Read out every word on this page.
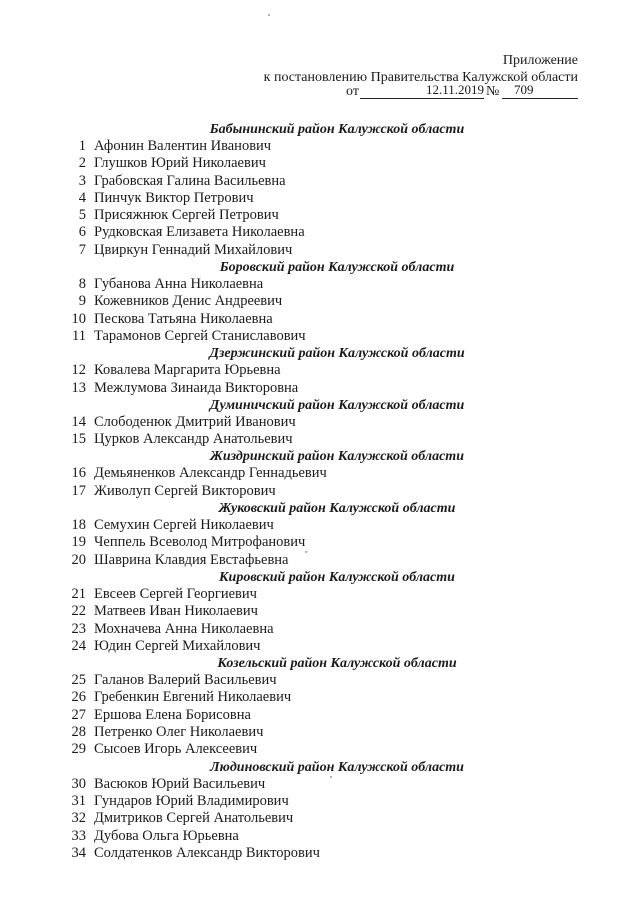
Приложение
к постановлению Правительства Калужской области
от	12.11.2019 № 709
Бабынинский район Калужской области
1 Афонин Валентин Иванович
2 Глушков Юрий Николаевич
3 Грабовская Галина Васильевна
4 Пинчук Виктор Петрович
5 Присяжнюк Сергей Петрович
6 Рудковская Елизавета Николаевна
7 Цвиркун Геннадий Михайлович
Боровский район Калужской области
8 Губанова Анна Николаевна
9 Кожевников Денис Андреевич
10 Пескова Татьяна Николаевна
11 Тарамонов Сергей Станиславович
Дзержинский район Калужской области
12 Ковалева Маргарита Юрьевна
13 Межлумова Зинаида Викторовна
Думиничский район Калужской области
14 Слободенюк Дмитрий Иванович
15 Цурков Александр Анатольевич
Жиздринский район Калужской области
16 Демьяненков Александр Геннадьевич
17 Живолуп Сергей Викторович
Жуковский район Калужской области
18 Семухин Сергей Николаевич
19 Чеппель Всеволод Митрофанович
20 Шаврина Клавдия Евстафьевна
Кировский район Калужской области
21 Евсеев Сергей Георгиевич
22 Матвеев Иван Николаевич
23 Мохначева Анна Николаевна
24 Юдин Сергей Михайлович
Козельский район Калужской области
25 Галанов Валерий Васильевич
26 Гребенкин Евгений Николаевич
27 Ершова Елена Борисовна
28 Петренко Олег Николаевич
29 Сысоев Игорь Алексеевич
Людиновский район Калужской области
30 Васюков Юрий Васильевич
31 Гундаров Юрий Владимирович
32 Дмитриков Сергей Анатольевич
33 Дубова Ольга Юрьевна
34 Солдатенков Александр Викторович
